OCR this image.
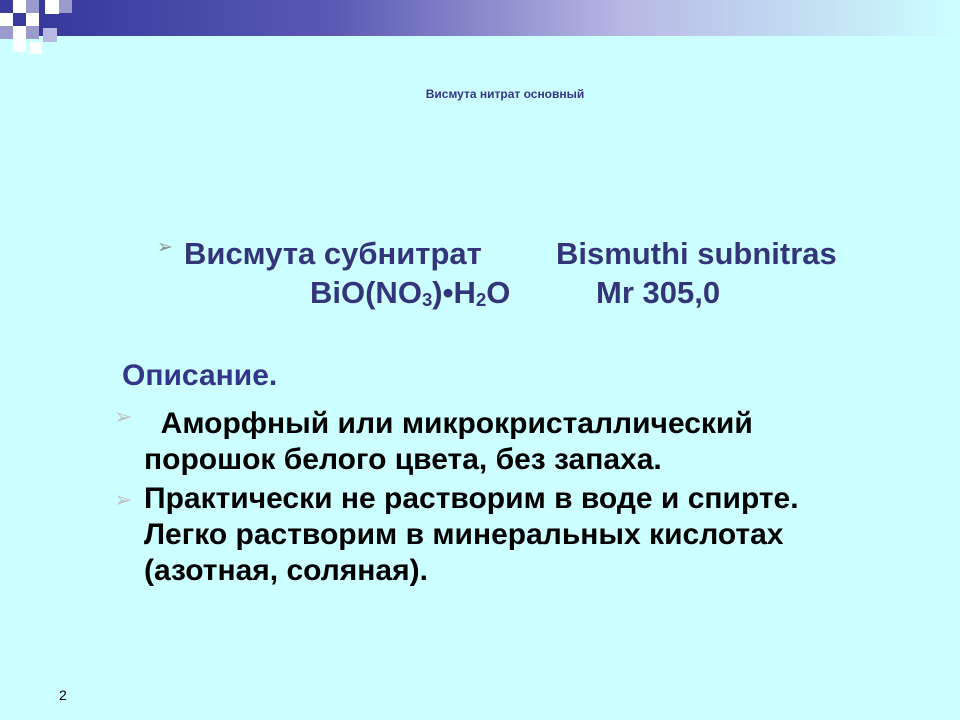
Висмута нитрат основный
➢ Висмута субнитрат Bismuthi subnitras
$BiO(NO_3)•H_2O$	Mr 305,0
Описание.
➢ Аморфный или микрокристаллический
порошок белого цвета, без запаха.
➢ Практически не растворим в воде и спирте.
Легко растворим в минеральных кислотах
(азотная, соляная).
2
